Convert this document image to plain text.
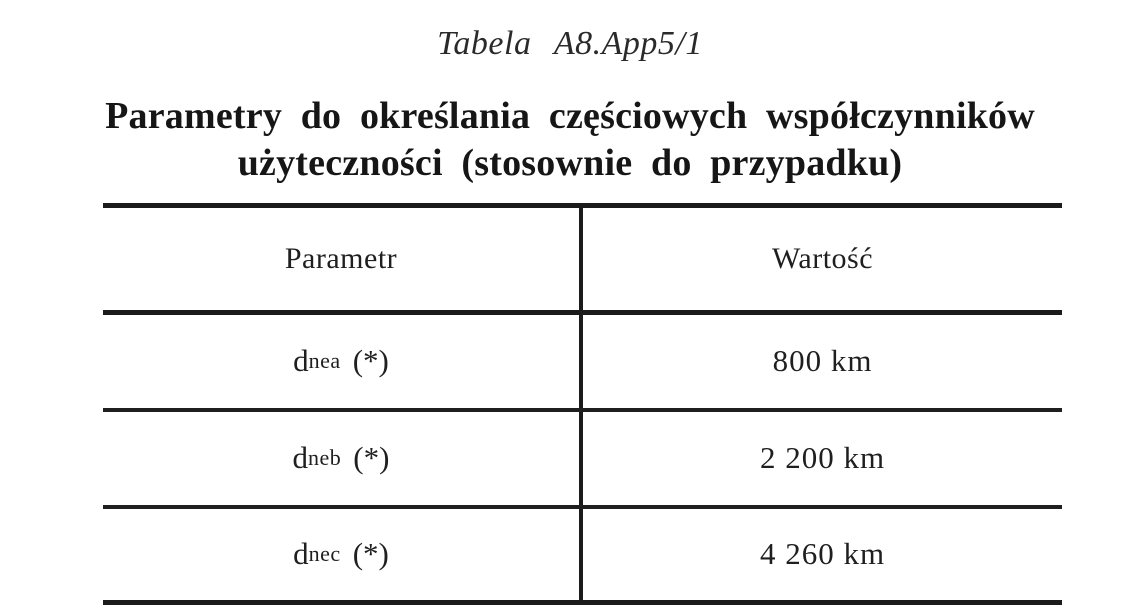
Tabela A8.App5/1
Parametry do określania częściowych współczynników
użyteczności (stosownie do przypadku)
Parametr	Wartość
d nea (*)	800 km
d neb (*)	2 200 km
d nec (*)	4 260 km
